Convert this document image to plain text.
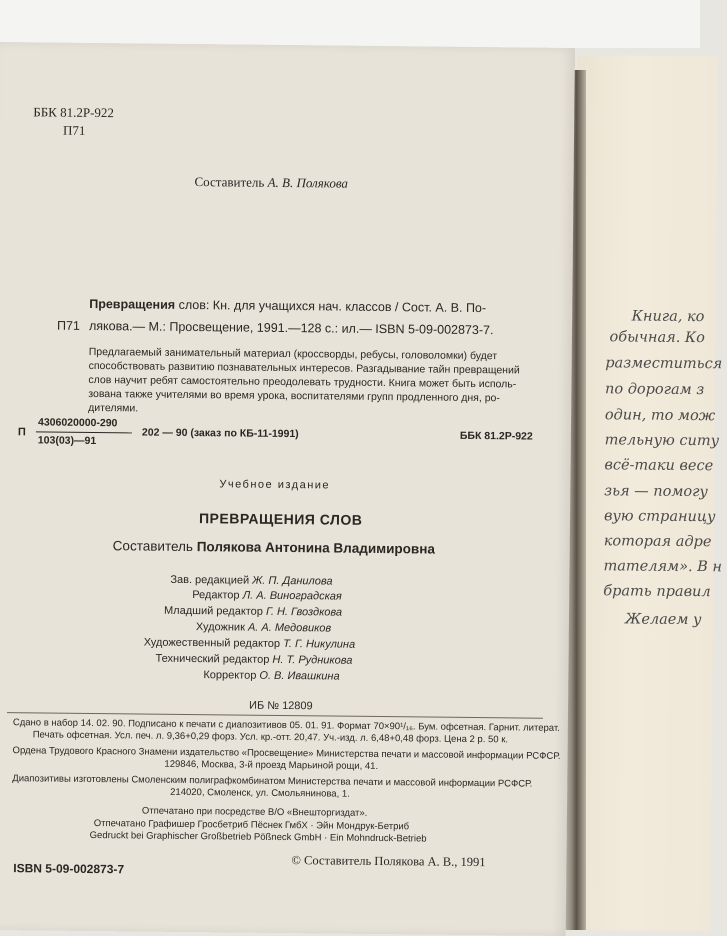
Книга, ко
обычная. Ко
разместиться
по дорогам з
один, то мож
тельную ситу
всё-таки весе
зья — помогу
вую страницу
которая адре
тателям». В н
брать правил
Желаем у
ББК 81.2Р-922
П71
Составитель А. В. Полякова
Превращения слов: Кн. для учащихся нач. классов / Сост. А. В. По-
П71 лякова.— М.: Просвещение, 1991.—128 с.: ил.— ISBN 5-09-002873-7.
Предлагаемый занимательный материал (кроссворды, ребусы, головоломки) будет
способствовать развитию познавательных интересов. Разгадывание тайн превращений
слов научит ребят самостоятельно преодолевать трудности. Книга может быть исполь-
зована также учителями во время урока, воспитателями групп продленного дня, ро-
дителями.
П
4306020000-290
103(03)—91
202 — 90 (заказ по КБ-11-1991)	ББК 81.2Р-922
Учебное издание
ПРЕВРАЩЕНИЯ СЛОВ
Составитель Полякова Антонина Владимировна
Зав. редакцией Ж. П. Данилова
Редактор Л. А. Виноградская
Младший редактор Г. Н. Гвоздкова
Художник А. А. Медовиков
Художественный редактор Т. Г. Никулина
Технический редактор Н. Т. Рудникова
Корректор О. В. Ивашкина
ИБ № 12809
Сдано в набор 14. 02. 90. Подписано к печати с диапозитивов 05. 01. 91. Формат 70×90¹/₁₆. Бум. офсетная. Гарнит. литерат.
Печать офсетная. Усл. печ. л. 9,36+0,29 форз. Усл. кр.-отт. 20,47. Уч.-изд. л. 6,48+0,48 форз. Цена 2 р. 50 к.
Ордена Трудового Красного Знамени издательство «Просвещение» Министерства печати и массовой информации РСФСР.
129846, Москва, 3-й проезд Марьиной рощи, 41.
Диапозитивы изготовлены Смоленским полиграфкомбинатом Министерства печати и массовой информации РСФСР.
214020, Смоленск, ул. Смольянинова, 1.
Отпечатано при посредстве В/О «Внешторгиздат».
Отпечатано Графишер Гросбетриб Пёснек ГмбХ · Эйн Мондрук-Бетриб
Gedruckt bei Graphischer Großbetrieb Pößneck GmbH · Ein Mohndruck-Betrieb
ISBN 5-09-002873-7	© Составитель Полякова А. В., 1991
